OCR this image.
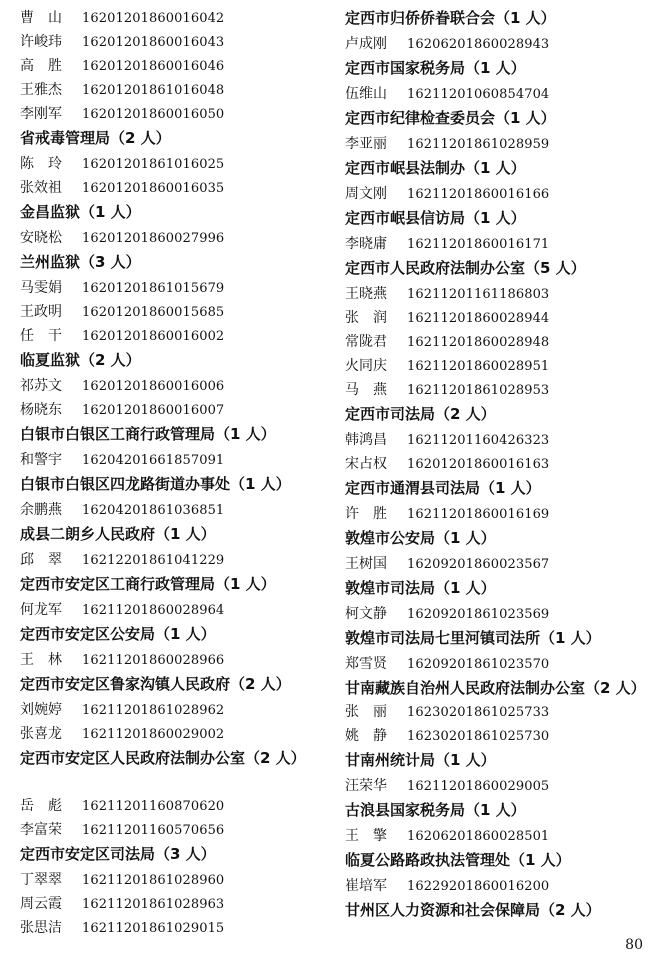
曹　山 16201201860016042
许峻玮 16201201860016043
高　胜 16201201860016046
王雅杰 16201201861016048
李刚军 16201201860016050
省戒毒管理局（2 人）
陈　玲 16201201861016025
张效祖 16201201860016035
金昌监狱（1 人）
安晓松 16201201860027996
兰州监狱（3 人）
马雯娟 16201201861015679
王政明 16201201860015685
任　干 16201201860016002
临夏监狱（2 人）
祁苏文 16201201860016006
杨晓东 16201201860016007
白银市白银区工商行政管理局（1 人）
和警宇 16204201661857091
白银市白银区四龙路街道办事处（1 人）
余鹏燕 16204201861036851
成县二朗乡人民政府（1 人）
邱　翠 16212201861041229
定西市安定区工商行政管理局（1 人）
何龙军 16211201860028964
定西市安定区公安局（1 人）
王　林 16211201860028966
定西市安定区鲁家沟镇人民政府（2 人）
刘婉婷 16211201861028962
张喜龙 16211201860029002
定西市安定区人民政府法制办公室（2 人）
岳　彪 16211201160870620
李富荣 16211201160570656
定西市安定区司法局（3 人）
丁翠翠 16211201861028960
周云霞 16211201861028963
张思洁 16211201861029015
定西市归侨侨眷联合会（1 人）
卢成刚 16206201860028943
定西市国家税务局（1 人）
伍维山 16211201060854704
定西市纪律检查委员会（1 人）
李亚丽 16211201861028959
定西市岷县法制办（1 人）
周文刚 16211201860016166
定西市岷县信访局（1 人）
李晓庸 16211201860016171
定西市人民政府法制办公室（5 人）
王晓燕 16211201161186803
张　润 16211201860028944
常陇君 16211201860028948
火同庆 16211201860028951
马　燕 16211201861028953
定西市司法局（2 人）
韩鸿昌 16211201160426323
宋占权 16201201860016163
定西市通渭县司法局（1 人）
许　胜 16211201860016169
敦煌市公安局（1 人）
王树国 16209201860023567
敦煌市司法局（1 人）
柯文静 16209201861023569
敦煌市司法局七里河镇司法所（1 人）
郑雪贤 16209201861023570
甘南藏族自治州人民政府法制办公室（2 人）
张　丽 16230201861025733
姚　静 16230201861025730
甘南州统计局（1 人）
汪荣华 16211201860029005
古浪县国家税务局（1 人）
王　擎 16206201860028501
临夏公路路政执法管理处（1 人）
崔培军 16229201860016200
甘州区人力资源和社会保障局（2 人）
80
